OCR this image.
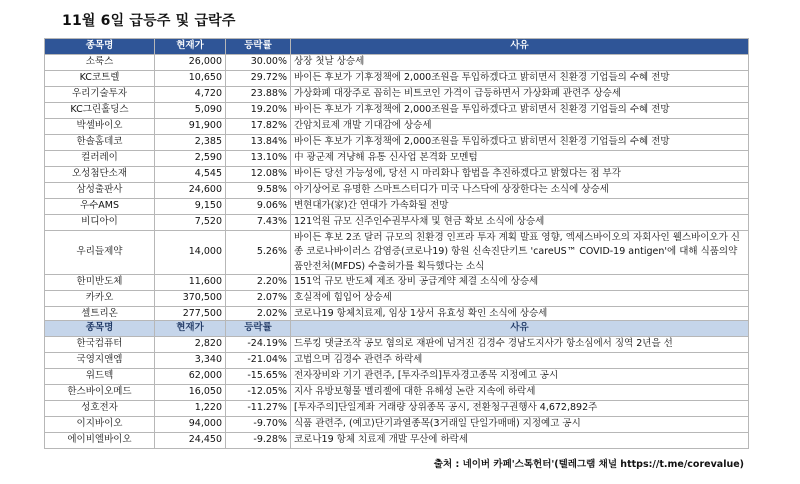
11월 6일 급등주 및 급락주
종목명	현재가	등락률	사유
소룩스	26,000	30.00%	상장 첫날 상승세
KC코트렐	10,650	29.72%	바이든 후보가 기후정책에 2,000조원을 투입하겠다고 밝히면서 친환경 기업들의 수혜 전망
우리기술투자	4,720	23.88%	가상화폐 대장주로 꼽히는 비트코인 가격이 급등하면서 가상화폐 관련주 상승세
KC그린홀딩스	5,090	19.20%	바이든 후보가 기후정책에 2,000조원을 투입하겠다고 밝히면서 친환경 기업들의 수혜 전망
박셀바이오	91,900	17.82%	간암치료제 개발 기대감에 상승세
한솔홈데코	2,385	13.84%	바이든 후보가 기후정책에 2,000조원을 투입하겠다고 밝히면서 친환경 기업들의 수혜 전망
컬러레이	2,590	13.10%	中 광군제 겨냥해 유통 신사업 본격화 모멘텀
오성첨단소재	4,545	12.08%	바이든 당선 가능성에, 당선 시 마리화나 합법을 추진하겠다고 밝혔다는 점 부각
삼성출판사	24,600	9.58%	아기상어로 유명한 스마트스터디가 미국 나스닥에 상장한다는 소식에 상승세
우수AMS	9,150	9.06%	변현대가(家)간 연대가 가속화될 전망
비디아이	7,520	7.43%	121억원 규모 신주인수권부사채 및 현금 확보 소식에 상승세
우리들제약	14,000	5.26%	바이든 후보 2조 달러 규모의 친환경 인프라 투자 계획 발표 영향, 엑세스바이오의 자회사인 웰스바이오가 신종 코로나바이러스 감염증(코로나19) 항원 신속진단키트 'careUS™ COVID-19 antigen'에 대해 식품의약품안전처(MFDS) 수출허가를 획득했다는 소식
한미반도체	11,600	2.20%	151억 규모 반도체 제조 장비 공급계약 체결 소식에 상승세
카카오	370,500	2.07%	호실적에 힘입어 상승세
셀트리온	277,500	2.02%	코로나19 항체치료제, 임상 1상서 유효성 확인 소식에 상승세
종목명	현재가	등락률	사유
한국컴퓨터	2,820	-24.19%	드루킹 댓글조작 공모 혐의로 재판에 넘겨진 김경수 경남도지사가 항소심에서 징역 2년을 선
국영지앤엠	3,340	-21.04%	고법으며 김경수 관련주 하락세
위드텍	62,000	-15.65%	전자장비와 기기 관련주, [투자주의]투자경고종목 지정예고 공시
한스바이오메드	16,050	-12.05%	지사 유방보형물 벨리젤에 대한 유해성 논란 지속에 하락세
성호전자	1,220	-11.27%	[투자주의]단일계좌 거래량 상위종목 공시, 전환청구권행사 4,672,892주
이지바이오	94,000	-9.70%	식품 관련주, (예고)단기과열종목(3거래일 단일가매매) 지정예고 공시
에이비엘바이오	24,450	-9.28%	코로나19 항체 치료제 개발 무산에 하락세
출처 : 네이버 카페'스톡헌터'(텔레그램 채널 https://t.me/corevalue)
